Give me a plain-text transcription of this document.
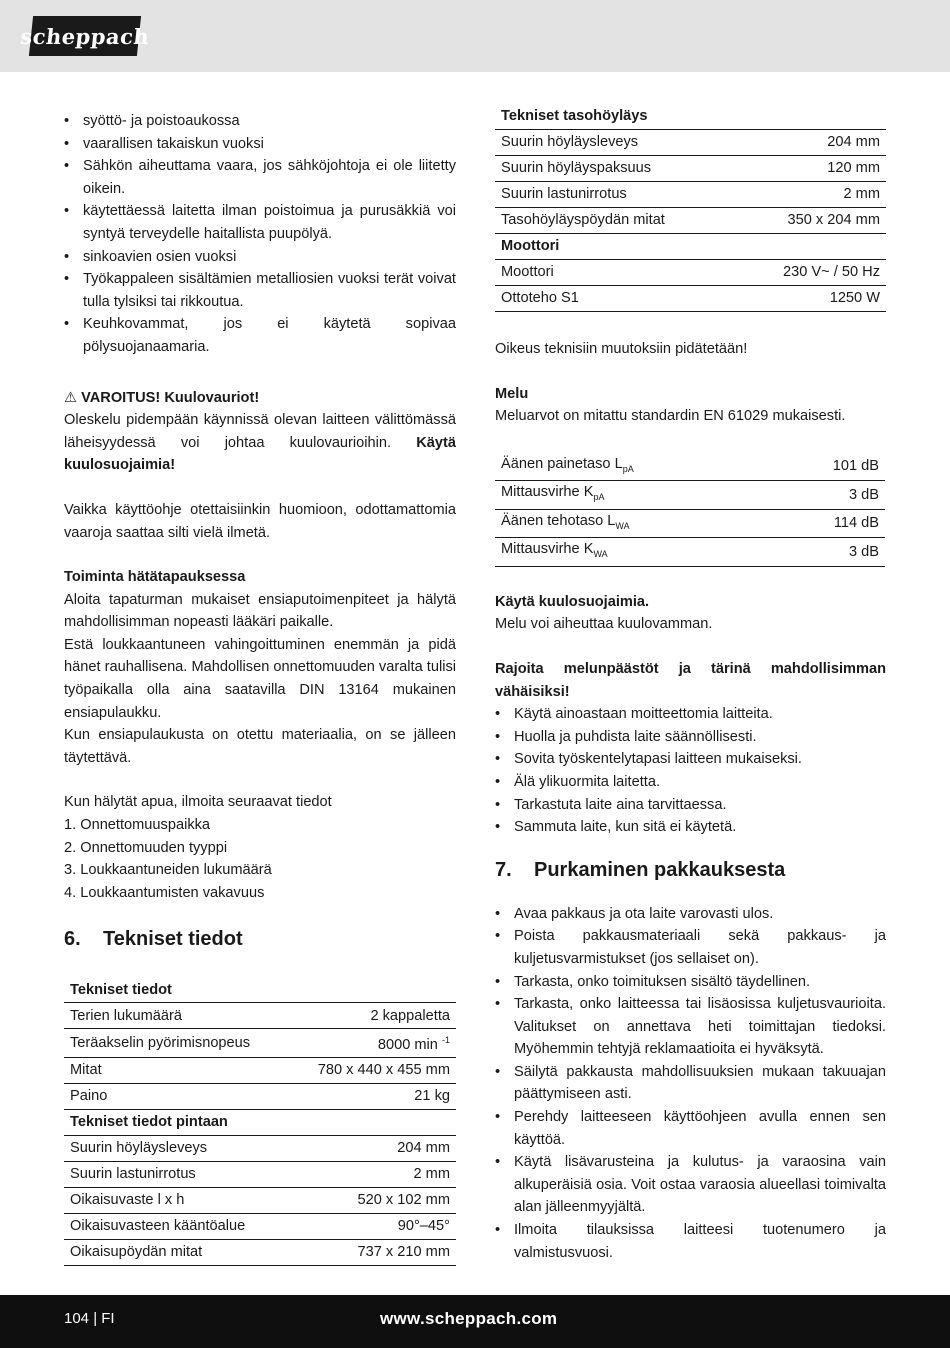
scheppach
• syöttö- ja poistoaukossa
• vaarallisen takaiskun vuoksi
• Sähkön aiheuttama vaara, jos sähköjohtoja ei ole liitetty oikein.
• käytettäessä laitetta ilman poistoimua ja purusäkkiä voi syntyä terveydelle haitallista puupölyä.
• sinkoavien osien vuoksi
• Työkappaleen sisältämien metalliosien vuoksi terät voivat tulla tylsiksi tai rikkoutua.
• Keuhkovammat, jos ei käytetä sopivaa pölysuojanaamaria.

⚠ VAROITUS! Kuulovauriot!

Oleskelu pidempään käynnissä olevan laitteen välittömässä läheisyydessä voi johtaa kuulovaurioihin. Käytä kuulosuojaimia!

Vaikka käyttöohje otettaisiinkin huomioon, odottamattomia vaaroja saattaa silti vielä ilmetä.

Toiminta hätätapauksessa

Aloita tapaturman mukaiset ensiaputoimenpiteet ja hälytä mahdollisimman nopeasti lääkäri paikalle.

Estä loukkaantuneen vahingoittuminen enemmän ja pidä hänet rauhallisena. Mahdollisen onnettomuuden varalta tulisi työpaikalla olla aina saatavilla DIN 13164 mukainen ensiapulaukku.

Kun ensiapulaukusta on otettu materiaalia, on se jälleen täytettävä.

Kun hälytät apua, ilmoita seuraavat tiedot

1. Onnettomuuspaikka
2. Onnettomuuden tyyppi
3. Loukkaantuneiden lukumäärä
4. Loukkaantumisten vakavuus
6. Tekniset tiedot
Tekniset tiedot	
Terien lukumäärä	2 kappaletta
Teräakselin pyörimisnopeus	8000 min $^{-1}$
Mitat	780 x 440 x 455 mm
Paino	21 kg
Tekniset tiedot pintaan	
Suurin höyläysleveys	204 mm
Suurin lastunirrotus	2 mm
Oikaisuvaste l x h	520 x 102 mm
Oikaisuvasteen kääntöalue	90°–45°
Oikaisupöydän mitat	737 x 210 mm
Tekniset tasohöyläys	
Suurin höyläysleveys	204 mm
Suurin höyläyspaksuus	120 mm
Suurin lastunirrotus	2 mm
Tasohöyläyspöydän mitat	350 x 204 mm
Moottori	
Moottori	230 V~ / 50 Hz
Ottoteho S1	1250 W

Oikeus teknisiin muutoksiin pidätetään!

Melu

Meluarvot on mitattu standardin EN 61029 mukaisesti.

Äänen painetaso $L_{pA}$	101 dB
Mittausvirhe $K_{pA}$	3 dB
Äänen tehotaso $L_{WA}$	114 dB
Mittausvirhe $K_{WA}$	3 dB

Käytä kuulosuojaimia.

Melu voi aiheuttaa kuulovamman.

Rajoita melunpäästöt ja tärinä mahdollisimman vähäisiksi!

• Käytä ainoastaan moitteettomia laitteita.
• Huolla ja puhdista laite säännöllisesti.
• Sovita työskentelytapasi laitteen mukaiseksi.
• Älä ylikuormita laitetta.
• Tarkastuta laite aina tarvittaessa.
• Sammuta laite, kun sitä ei käytetä.
7. Purkaminen pakkauksesta
• Avaa pakkaus ja ota laite varovasti ulos.
• Poista pakkausmateriaali sekä pakkaus- ja kuljetusvarmistukset (jos sellaiset on).
• Tarkasta, onko toimituksen sisältö täydellinen.
• Tarkasta, onko laitteessa tai lisäosissa kuljetusvaurioita. Valitukset on annettava heti toimittajan tiedoksi. Myöhemmin tehtyjä reklamaatioita ei hyväksytä.
• Säilytä pakkausta mahdollisuuksien mukaan takuuajan päättymiseen asti.
• Perehdy laitteeseen käyttöohjeen avulla ennen sen käyttöä.
• Käytä lisävarusteina ja kulutus- ja varaosina vain alkuperäisiä osia. Voit ostaa varaosia alueellasi toimivalta alan jälleenmyyjältä.
• Ilmoita tilauksissa laitteesi tuotenumero ja valmistusvuosi.
104 | FI	www.scheppach.com
